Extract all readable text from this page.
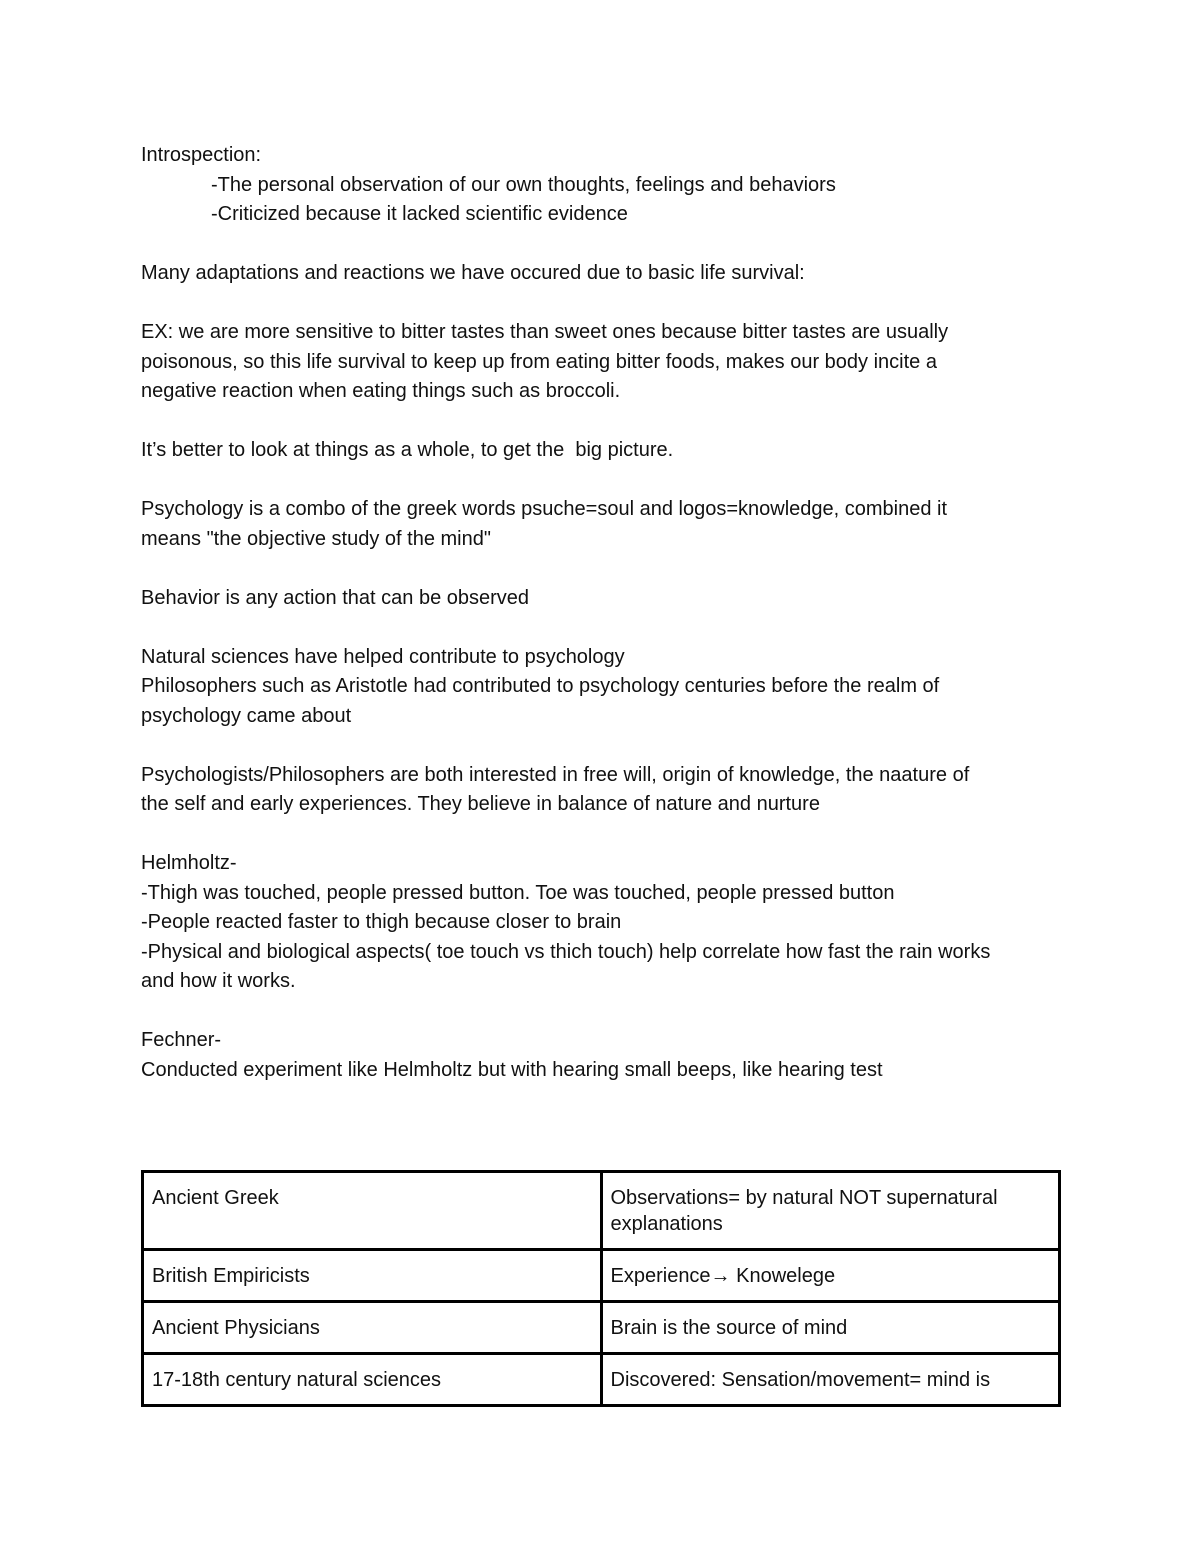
Introspection:

-The personal observation of our own thoughts, feelings and behaviors

-Criticized because it lacked scientific evidence

Many adaptations and reactions we have occured due to basic life survival:

EX: we are more sensitive to bitter tastes than sweet ones because bitter tastes are usually

poisonous, so this life survival to keep up from eating bitter foods, makes our body incite a

negative reaction when eating things such as broccoli.

It’s better to look at things as a whole, to get the  big picture.

Psychology is a combo of the greek words psuche=soul and logos=knowledge, combined it

means "the objective study of the mind"

Behavior is any action that can be observed

Natural sciences have helped contribute to psychology

Philosophers such as Aristotle had contributed to psychology centuries before the realm of

psychology came about

Psychologists/Philosophers are both interested in free will, origin of knowledge, the naature of

the self and early experiences. They believe in balance of nature and nurture

Helmholtz-

-Thigh was touched, people pressed button. Toe was touched, people pressed button

-People reacted faster to thigh because closer to brain

-Physical and biological aspects( toe touch vs thich touch) help correlate how fast the rain works

and how it works.

Fechner-

Conducted experiment like Helmholtz but with hearing small beeps, like hearing test

Ancient Greek	Observations= by natural NOT supernatural explanations
British Empiricists	Experience→ Knowelege
Ancient Physicians	Brain is the source of mind
17-18th century natural sciences	Discovered: Sensation/movement= mind is
